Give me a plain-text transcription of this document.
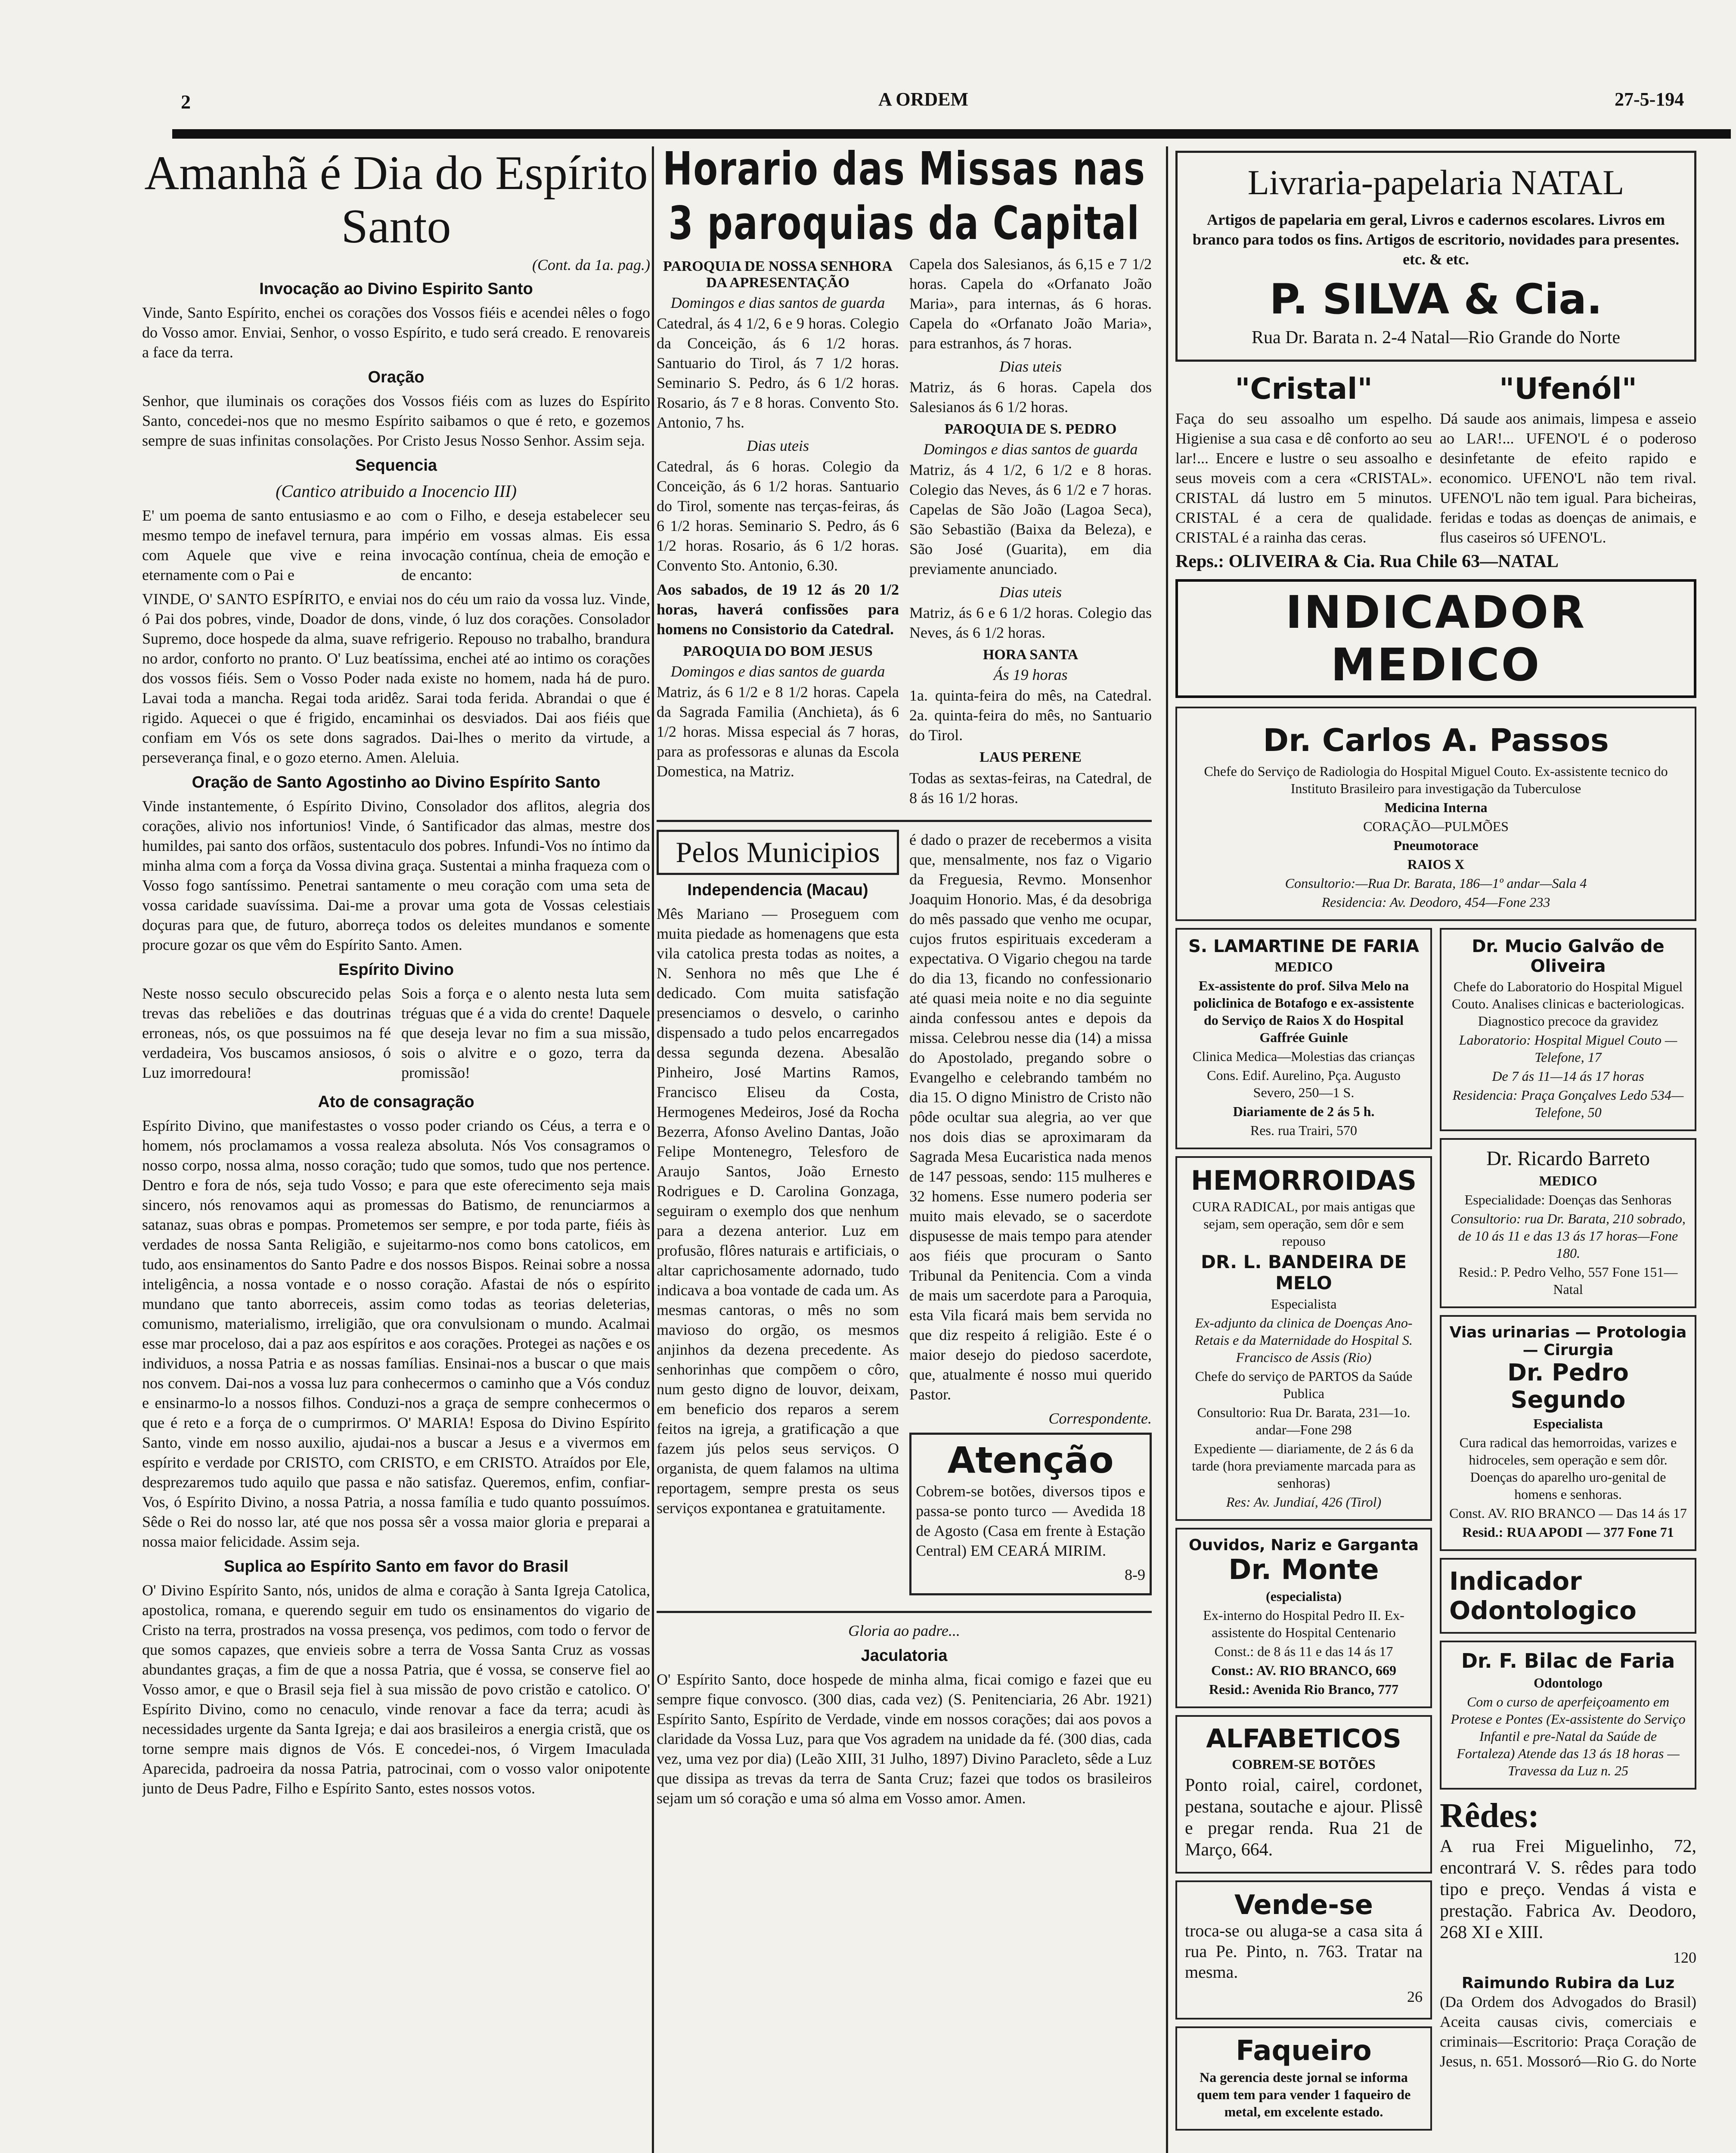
A ORDEM	27-5-194
2
Amanhã é Dia do Espírito Santo
(Cont. da 1a. pag.)
Invocação ao Divino Espirito Santo

Vinde, Santo Espírito, enchei os corações dos Vossos fiéis e acendei nêles o fogo do Vosso amor. Enviai, Senhor, o vosso Espírito, e tudo será creado. E renovareis a face da terra.

Oração

Senhor, que iluminais os corações dos Vossos fiéis com as luzes do Espírito Santo, concedei-nos que no mesmo Espírito saibamos o que é reto, e gozemos sempre de suas infinitas consolações. Por Cristo Jesus Nosso Senhor. Assim seja.

Sequencia
(Cantico atribuido a Inocencio III)

E' um poema de santo entusiasmo e ao mesmo tempo de inefavel ternura, para com Aquele que vive e reina eternamente com o Pai e

com o Filho, e deseja estabelecer seu império em vossas almas. Eis essa invocação contínua, cheia de emoção e de encanto:

VINDE, O' SANTO ESPÍRITO, e enviai nos do céu um raio da vossa luz. Vinde, ó Pai dos pobres, vinde, Doador de dons, vinde, ó luz dos corações. Consolador Supremo, doce hospede da alma, suave refrigerio. Repouso no trabalho, brandura no ardor, conforto no pranto. O' Luz beatíssima, enchei até ao intimo os corações dos vossos fiéis. Sem o Vosso Poder nada existe no homem, nada há de puro. Lavai toda a mancha. Regai toda aridêz. Sarai toda ferida. Abrandai o que é rigido. Aquecei o que é frigido, encaminhai os desviados. Dai aos fiéis que confiam em Vós os sete dons sagrados. Dai-lhes o merito da virtude, a perseverança final, e o gozo eterno. Amen. Aleluia.

Oração de Santo Agostinho ao Divino Espírito Santo

Vinde instantemente, ó Espírito Divino, Consolador dos aflitos, alegria dos corações, alivio nos infortunios! Vinde, ó Santificador das almas, mestre dos humildes, pai santo dos orfãos, sustentaculo dos pobres. Infundi-Vos no íntimo da minha alma com a força da Vossa divina graça. Sustentai a minha fraqueza com o Vosso fogo santíssimo. Penetrai santamente o meu coração com uma seta de vossa caridade suavíssima. Dai-me a provar uma gota de Vossas celestiais doçuras para que, de futuro, aborreça todos os deleites mundanos e somente procure gozar os que vêm do Espírito Santo. Amen.

Espírito Divino

Neste nosso seculo obscurecido pelas trevas das rebeliões e das doutrinas erroneas, nós, os que possuimos na fé verdadeira, Vos buscamos ansiosos, ó Luz imorredoura!

Sois a força e o alento nesta luta sem tréguas que é a vida do crente! Daquele que deseja levar no fim a sua missão, sois o alvitre e o gozo, terra da promissão!

Ato de consagração

Espírito Divino, que manifestastes o vosso poder criando os Céus, a terra e o homem, nós proclamamos a vossa realeza absoluta. Nós Vos consagramos o nosso corpo, nossa alma, nosso coração; tudo que somos, tudo que nos pertence. Dentro e fora de nós, seja tudo Vosso; e para que este oferecimento seja mais sincero, nós renovamos aqui as promessas do Batismo, de renunciarmos a satanaz, suas obras e pompas. Prometemos ser sempre, e por toda parte, fiéis às verdades de nossa Santa Religião, e sujeitarmo-nos como bons catolicos, em tudo, aos ensinamentos do Santo Padre e dos nossos Bispos. Reinai sobre a nossa inteligência, a nossa vontade e o nosso coração. Afastai de nós o espírito mundano que tanto aborreceis, assim como todas as teorias deleterias, comunismo, materialismo, irreligião, que ora convulsionam o mundo. Acalmai esse mar proceloso, dai a paz aos espíritos e aos corações. Protegei as nações e os individuos, a nossa Patria e as nossas famílias. Ensinai-nos a buscar o que mais nos convem. Dai-nos a vossa luz para conhecermos o caminho que a Vós conduz e ensinarmo-lo a nossos filhos. Conduzi-nos a graça de sempre conhecermos o que é reto e a força de o cumprirmos. O' MARIA! Esposa do Divino Espírito Santo, vinde em nosso auxilio, ajudai-nos a buscar a Jesus e a vivermos em espírito e verdade por CRISTO, com CRISTO, e em CRISTO. Atraídos por Ele, desprezaremos tudo aquilo que passa e não satisfaz. Queremos, enfim, confiar-Vos, ó Espírito Divino, a nossa Patria, a nossa família e tudo quanto possuímos. Sêde o Rei do nosso lar, até que nos possa sêr a vossa maior gloria e preparai a nossa maior felicidade. Assim seja.

Suplica ao Espírito Santo em favor do Brasil

O' Divino Espírito Santo, nós, unidos de alma e coração à Santa Igreja Catolica, apostolica, romana, e querendo seguir em tudo os ensinamentos do vigario de Cristo na terra, prostrados na vossa presença, vos pedimos, com todo o fervor de que somos capazes, que envieis sobre a terra de Vossa Santa Cruz as vossas abundantes graças, a fim de que a nossa Patria, que é vossa, se conserve fiel ao Vosso amor, e que o Brasil seja fiel à sua missão de povo cristão e catolico. O' Espírito Divino, como no cenaculo, vinde renovar a face da terra; acudi às necessidades urgente da Santa Igreja; e dai aos brasileiros a energia cristã, que os torne sempre mais dignos de Vós. E concedei-nos, ó Virgem Imaculada Aparecida, padroeira da nossa Patria, patrocinai, com o vosso valor onipotente junto de Deus Padre, Filho e Espírito Santo, estes nossos votos.

Horario das Missas nas 3 paroquias da Capital
PAROQUIA DE NOSSA SENHORA DA APRESENTAÇÃO
Domingos e dias santos de guarda

Catedral, ás 4 1/2, 6 e 9 horas. Colegio da Conceição, ás 6 1/2 horas. Santuario do Tirol, ás 7 1/2 horas. Seminario S. Pedro, ás 6 1/2 horas. Rosario, ás 7 e 8 horas. Convento Sto. Antonio, 7 hs.

Dias uteis

Catedral, ás 6 horas. Colegio da Conceição, ás 6 1/2 horas. Santuario do Tirol, somente nas terças-feiras, ás 6 1/2 horas. Seminario S. Pedro, ás 6 1/2 horas. Rosario, ás 6 1/2 horas. Convento Sto. Antonio, 6.30.

Aos sabados, de 19 12 ás 20 1/2 horas, haverá confissões para homens no Consistorio da Catedral.

PAROQUIA DO BOM JESUS
Domingos e dias santos de guarda

Matriz, ás 6 1/2 e 8 1/2 horas. Capela da Sagrada Familia (Anchieta), ás 6 1/2 horas. Missa especial ás 7 horas, para as professoras e alunas da Escola Domestica, na Matriz.

Capela dos Salesianos, ás 6,15 e 7 1/2 horas. Capela do «Orfanato João Maria», para internas, ás 6 horas. Capela do «Orfanato João Maria», para estranhos, ás 7 horas.

Dias uteis

Matriz, ás 6 horas. Capela dos Salesianos ás 6 1/2 horas.

PAROQUIA DE S. PEDRO
Domingos e dias santos de guarda

Matriz, ás 4 1/2, 6 1/2 e 8 horas. Colegio das Neves, ás 6 1/2 e 7 horas. Capelas de São João (Lagoa Seca), São Sebastião (Baixa da Beleza), e São José (Guarita), em dia previamente anunciado.

Dias uteis

Matriz, ás 6 e 6 1/2 horas. Colegio das Neves, ás 6 1/2 horas.

HORA SANTA
Ás 19 horas

1a. quinta-feira do mês, na Catedral. 2a. quinta-feira do mês, no Santuario do Tirol.

LAUS PERENE

Todas as sextas-feiras, na Catedral, de 8 ás 16 1/2 horas.

Pelos Municipios
Independencia (Macau)

Mês Mariano — Proseguem com muita piedade as homenagens que esta vila catolica presta todas as noites, a N. Senhora no mês que Lhe é dedicado. Com muita satisfação presenciamos o desvelo, o carinho dispensado a tudo pelos encarregados dessa segunda dezena. Abesalão Pinheiro, José Martins Ramos, Francisco Eliseu da Costa, Hermogenes Medeiros, José da Rocha Bezerra, Afonso Avelino Dantas, João Felipe Montenegro, Telesforo de Araujo Santos, João Ernesto Rodrigues e D. Carolina Gonzaga, seguiram o exemplo dos que nenhum para a dezena anterior. Luz em profusão, flôres naturais e artificiais, o altar caprichosamente adornado, tudo indicava a boa vontade de cada um. As mesmas cantoras, o mês no som mavioso do orgão, os mesmos anjinhos da dezena precedente. As senhorinhas que compõem o côro, num gesto digno de louvor, deixam, em beneficio dos reparos a serem feitos na igreja, a gratificação a que fazem jús pelos seus serviços. O organista, de quem falamos na ultima reportagem, sempre presta os seus serviços expontanea e gratuitamente.

é dado o prazer de recebermos a visita que, mensalmente, nos faz o Vigario da Freguesia, Revmo. Monsenhor Joaquim Honorio. Mas, é da desobriga do mês passado que venho me ocupar, cujos frutos espirituais excederam a expectativa. O Vigario chegou na tarde do dia 13, ficando no confessionario até quasi meia noite e no dia seguinte ainda confessou antes e depois da missa. Celebrou nesse dia (14) a missa do Apostolado, pregando sobre o Evangelho e celebrando também no dia 15. O digno Ministro de Cristo não pôde ocultar sua alegria, ao ver que nos dois dias se aproximaram da Sagrada Mesa Eucaristica nada menos de 147 pessoas, sendo: 115 mulheres e 32 homens. Esse numero poderia ser muito mais elevado, se o sacerdote dispusesse de mais tempo para atender aos fiéis que procuram o Santo Tribunal da Penitencia. Com a vinda de mais um sacerdote para a Paroquia, esta Vila ficará mais bem servida no que diz respeito á religião. Este é o maior desejo do piedoso sacerdote, que, atualmente é nosso mui querido Pastor.

Correspondente.

Atenção

Cobrem-se botões, diversos tipos e passa-se ponto turco — Avedida 18 de Agosto (Casa em frente à Estação Central) EM CEARÁ MIRIM.

8-9

Gloria ao padre...

Jaculatoria

O' Espírito Santo, doce hospede de minha alma, ficai comigo e fazei que eu sempre fique convosco. (300 dias, cada vez) (S. Penitenciaria, 26 Abr. 1921) Espírito Santo, Espírito de Verdade, vinde em nossos corações; dai aos povos a claridade da Vossa Luz, para que Vos agradem na unidade da fé. (300 dias, cada vez, uma vez por dia) (Leão XIII, 31 Julho, 1897) Divino Paracleto, sêde a Luz que dissipa as trevas da terra de Santa Cruz; fazei que todos os brasileiros sejam um só coração e uma só alma em Vosso amor. Amen.

Livraria-papelaria NATAL

Artigos de papelaria em geral, Livros e cadernos escolares. Livros em branco para todos os fins. Artigos de escritorio, novidades para presentes. etc. & etc.

P. SILVA & Cia.

Rua Dr. Barata n. 2-4 Natal—Rio Grande do Norte

"Cristal"

Faça do seu assoalho um espelho. Higienise a sua casa e dê conforto ao seu lar!... Encere e lustre o seu assoalho e seus moveis com a cera «CRISTAL». CRISTAL dá lustro em 5 minutos. CRISTAL é a cera de qualidade. CRISTAL é a rainha das ceras.

"Ufenól"

Dá saude aos animais, limpesa e asseio ao LAR!... UFENO'L é o poderoso desinfetante de efeito rapido e economico. UFENO'L não tem rival. UFENO'L não tem igual. Para bicheiras, feridas e todas as doenças de animais, e flus caseiros só UFENO'L.

Reps.: OLIVEIRA & Cia. Rua Chile 63—NATAL

INDICADOR MEDICO
Dr. Carlos A. Passos

Chefe do Serviço de Radiologia do Hospital Miguel Couto. Ex-assistente tecnico do Instituto Brasileiro para investigação da Tuberculose

Medicina Interna

CORAÇÃO—PULMÕES

Pneumotorace

RAIOS X

Consultorio:—Rua Dr. Barata, 186—1º andar—Sala 4

Residencia: Av. Deodoro, 454—Fone 233

S. LAMARTINE DE FARIA

MEDICO

Ex-assistente do prof. Silva Melo na policlinica de Botafogo e ex-assistente do Serviço de Raios X do Hospital Gaffrée Guinle

Clinica Medica—Molestias das crianças

Cons. Edif. Aurelino, Pça. Augusto Severo, 250—1 S.

Diariamente de 2 ás 5 h.

Res. rua Trairi, 570

HEMORROIDAS

CURA RADICAL, por mais antigas que sejam, sem operação, sem dôr e sem repouso

DR. L. BANDEIRA DE MELO

Especialista

Ex-adjunto da clinica de Doenças Ano-Retais e da Maternidade do Hospital S. Francisco de Assis (Rio)

Chefe do serviço de PARTOS da Saúde Publica

Consultorio: Rua Dr. Barata, 231—1o. andar—Fone 298

Expediente — diariamente, de 2 ás 6 da tarde (hora previamente marcada para as senhoras)

Res: Av. Jundiaí, 426 (Tirol)

Ouvidos, Nariz e Garganta
Dr. Monte

(especialista)

Ex-interno do Hospital Pedro II. Ex-assistente do Hospital Centenario

Const.: de 8 ás 11 e das 14 ás 17

Const.: AV. RIO BRANCO, 669

Resid.: Avenida Rio Branco, 777

ALFABETICOS

COBREM-SE BOTÕES

Ponto roial, cairel, cordonet, pestana, soutache e ajour. Plissê e pregar renda. Rua 21 de Março, 664.

Vende-se

troca-se ou aluga-se a casa sita á rua Pe. Pinto, n. 763. Tratar na mesma.

26

Faqueiro

Na gerencia deste jornal se informa quem tem para vender 1 faqueiro de metal, em excelente estado.

Dr. Mucio Galvão de Oliveira

Chefe do Laboratorio do Hospital Miguel Couto. Analises clinicas e bacteriologicas. Diagnostico precoce da gravidez

Laboratorio: Hospital Miguel Couto — Telefone, 17

De 7 ás 11—14 ás 17 horas

Residencia: Praça Gonçalves Ledo 534—Telefone, 50

Dr. Ricardo Barreto

MEDICO

Especialidade: Doenças das Senhoras

Consultorio: rua Dr. Barata, 210 sobrado, de 10 ás 11 e das 13 ás 17 horas—Fone 180.

Resid.: P. Pedro Velho, 557 Fone 151—Natal

Vias urinarias — Protologia — Cirurgia
Dr. Pedro Segundo

Especialista

Cura radical das hemorroidas, varizes e hidroceles, sem operação e sem dôr. Doenças do aparelho uro-genital de homens e senhoras.

Const. AV. RIO BRANCO — Das 14 ás 17

Resid.: RUA APODI — 377 Fone 71

Indicador Odontologico
Dr. F. Bilac de Faria

Odontologo

Com o curso de aperfeiçoamento em Protese e Pontes (Ex-assistente do Serviço Infantil e pre-Natal da Saúde de Fortaleza) Atende das 13 ás 18 horas — Travessa da Luz n. 25

Rêdes:

A rua Frei Miguelinho, 72, encontrará V. S. rêdes para todo tipo e preço. Vendas á vista e prestação. Fabrica Av. Deodoro, 268 XI e XIII.

120

Raimundo Rubira da Luz

(Da Ordem dos Advogados do Brasil) Aceita causas civis, comerciais e criminais—Escritorio: Praça Coração de Jesus, n. 651. Mossoró—Rio G. do Norte
